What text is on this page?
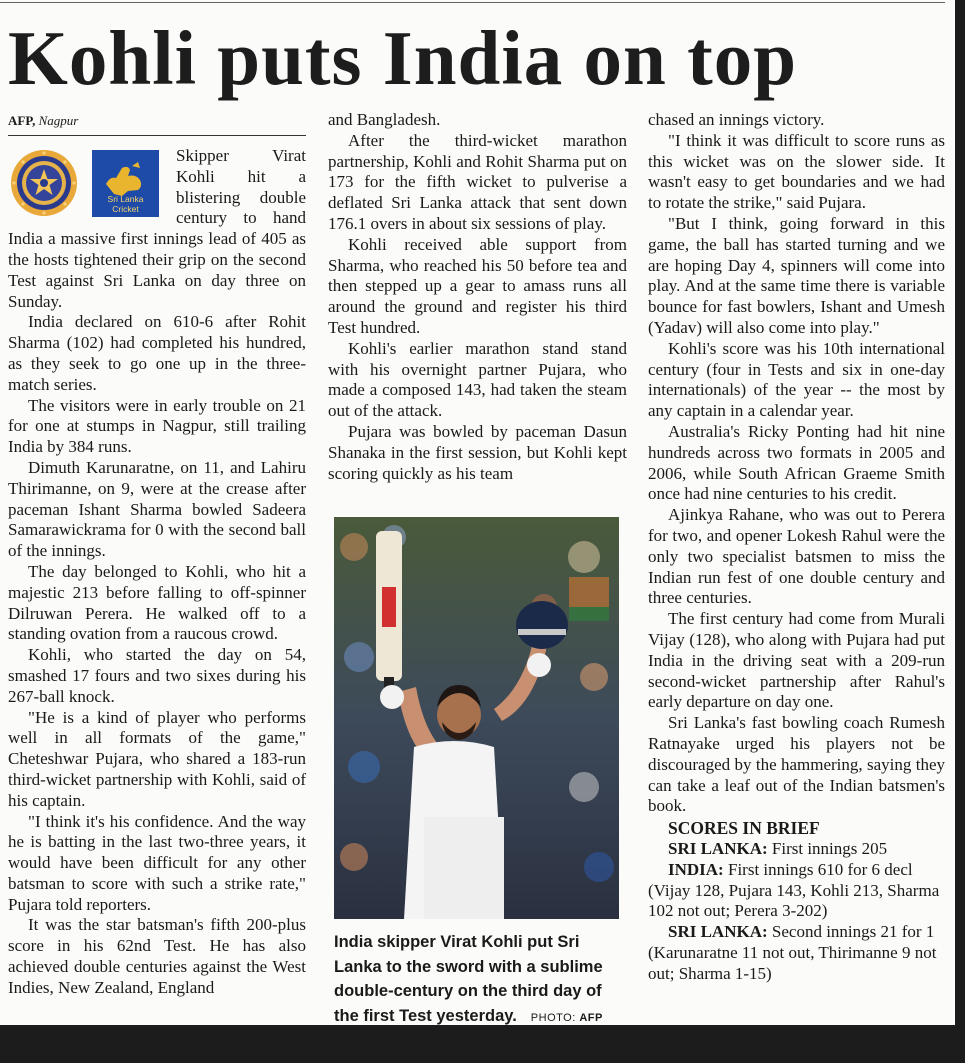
Kohli puts India on top
AFP, Nagpur
Sri Lanka
Cricket

Skipper Virat Kohli hit a blistering double century to hand India a massive first innings lead of 405 as the hosts tightened their grip on the second Test against Sri Lanka on day three on Sunday.

India declared on 610-6 after Rohit Sharma (102) had completed his hundred, as they seek to go one up in the three-match series.

The visitors were in early trouble on 21 for one at stumps in Nagpur, still trailing India by 384 runs.

Dimuth Karunaratne, on 11, and Lahiru Thirimanne, on 9, were at the crease after paceman Ishant Sharma bowled Sadeera Samarawickrama for 0 with the second ball of the innings.

The day belonged to Kohli, who hit a majestic 213 before falling to off-spinner Dilruwan Perera. He walked off to a standing ovation from a raucous crowd.

Kohli, who started the day on 54, smashed 17 fours and two sixes during his 267-ball knock.

"He is a kind of player who performs well in all formats of the game," Cheteshwar Pujara, who shared a 183-run third-wicket partnership with Kohli, said of his captain.

"I think it's his confidence. And the way he is batting in the last two-three years, it would have been difficult for any other batsman to score with such a strike rate," Pujara told reporters.

It was the star batsman's fifth 200-plus score in his 62nd Test. He has also achieved double centuries against the West Indies, New Zealand, England

and Bangladesh.

After the third-wicket marathon partnership, Kohli and Rohit Sharma put on 173 for the fifth wicket to pulverise a deflated Sri Lanka attack that sent down 176.1 overs in about six sessions of play.

Kohli received able support from Sharma, who reached his 50 before tea and then stepped up a gear to amass runs all around the ground and register his third Test hundred.

Kohli's earlier marathon stand stand with his overnight partner Pujara, who made a composed 143, had taken the steam out of the attack.

Pujara was bowled by paceman Dasun Shanaka in the first session, but Kohli kept scoring quickly as his team

India skipper Virat Kohli put Sri Lanka to the sword with a sublime double-century on the third day of the first Test yesterday. PHOTO: AFP

chased an innings victory.

"I think it was difficult to score runs as this wicket was on the slower side. It wasn't easy to get boundaries and we had to rotate the strike," said Pujara.

"But I think, going forward in this game, the ball has started turning and we are hoping Day 4, spinners will come into play. And at the same time there is variable bounce for fast bowlers, Ishant and Umesh (Yadav) will also come into play."

Kohli's score was his 10th international century (four in Tests and six in one-day internationals) of the year -- the most by any captain in a calendar year.

Australia's Ricky Ponting had hit nine hundreds across two formats in 2005 and 2006, while South African Graeme Smith once had nine centuries to his credit.

Ajinkya Rahane, who was out to Perera for two, and opener Lokesh Rahul were the only two specialist batsmen to miss the Indian run fest of one double century and three centuries.

The first century had come from Murali Vijay (128), who along with Pujara had put India in the driving seat with a 209-run second-wicket partnership after Rahul's early departure on day one.

Sri Lanka's fast bowling coach Rumesh Ratnayake urged his players not be discouraged by the hammering, saying they can take a leaf out of the Indian batsmen's book.

SCORES IN BRIEF

SRI LANKA: First innings 205

INDIA: First innings 610 for 6 decl (Vijay 128, Pujara 143, Kohli 213, Sharma 102 not out; Perera 3-202)

SRI LANKA: Second innings 21 for 1 (Karunaratne 11 not out, Thirimanne 9 not out; Sharma 1-15)
